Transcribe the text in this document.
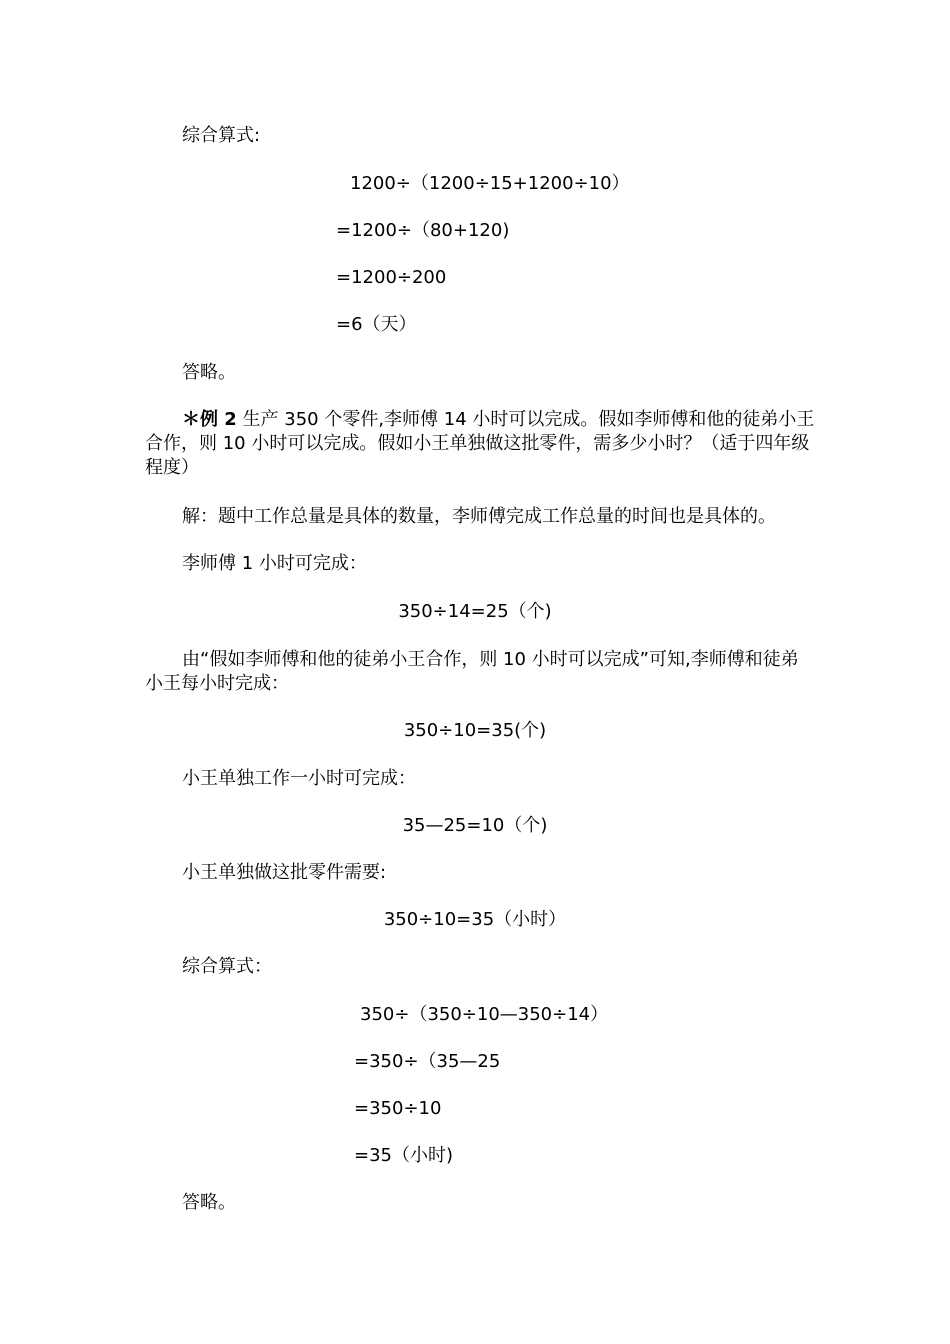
综合算式:

1200÷（1200÷15+1200÷10）

=1200÷（80+120)

=1200÷200

=6（天）

答略。

＊例 2 生产 350 个零件,李师傅 14 小时可以完成。假如李师傅和他的徒弟小王合作，则 10 小时可以完成。假如小王单独做这批零件，需多少小时？（适于四年级程度）

解：题中工作总量是具体的数量，李师傅完成工作总量的时间也是具体的。

李师傅 1 小时可完成：

350÷14=25（个)

由“假如李师傅和他的徒弟小王合作，则 10 小时可以完成”可知,李师傅和徒弟小王每小时完成：

350÷10=35(个)

小王单独工作一小时可完成：

35—25=10（个)

小王单独做这批零件需要:

350÷10=35（小时）

综合算式：

350÷（350÷10—350÷14）

=350÷（35—25

=350÷10

=35（小时)

答略。
